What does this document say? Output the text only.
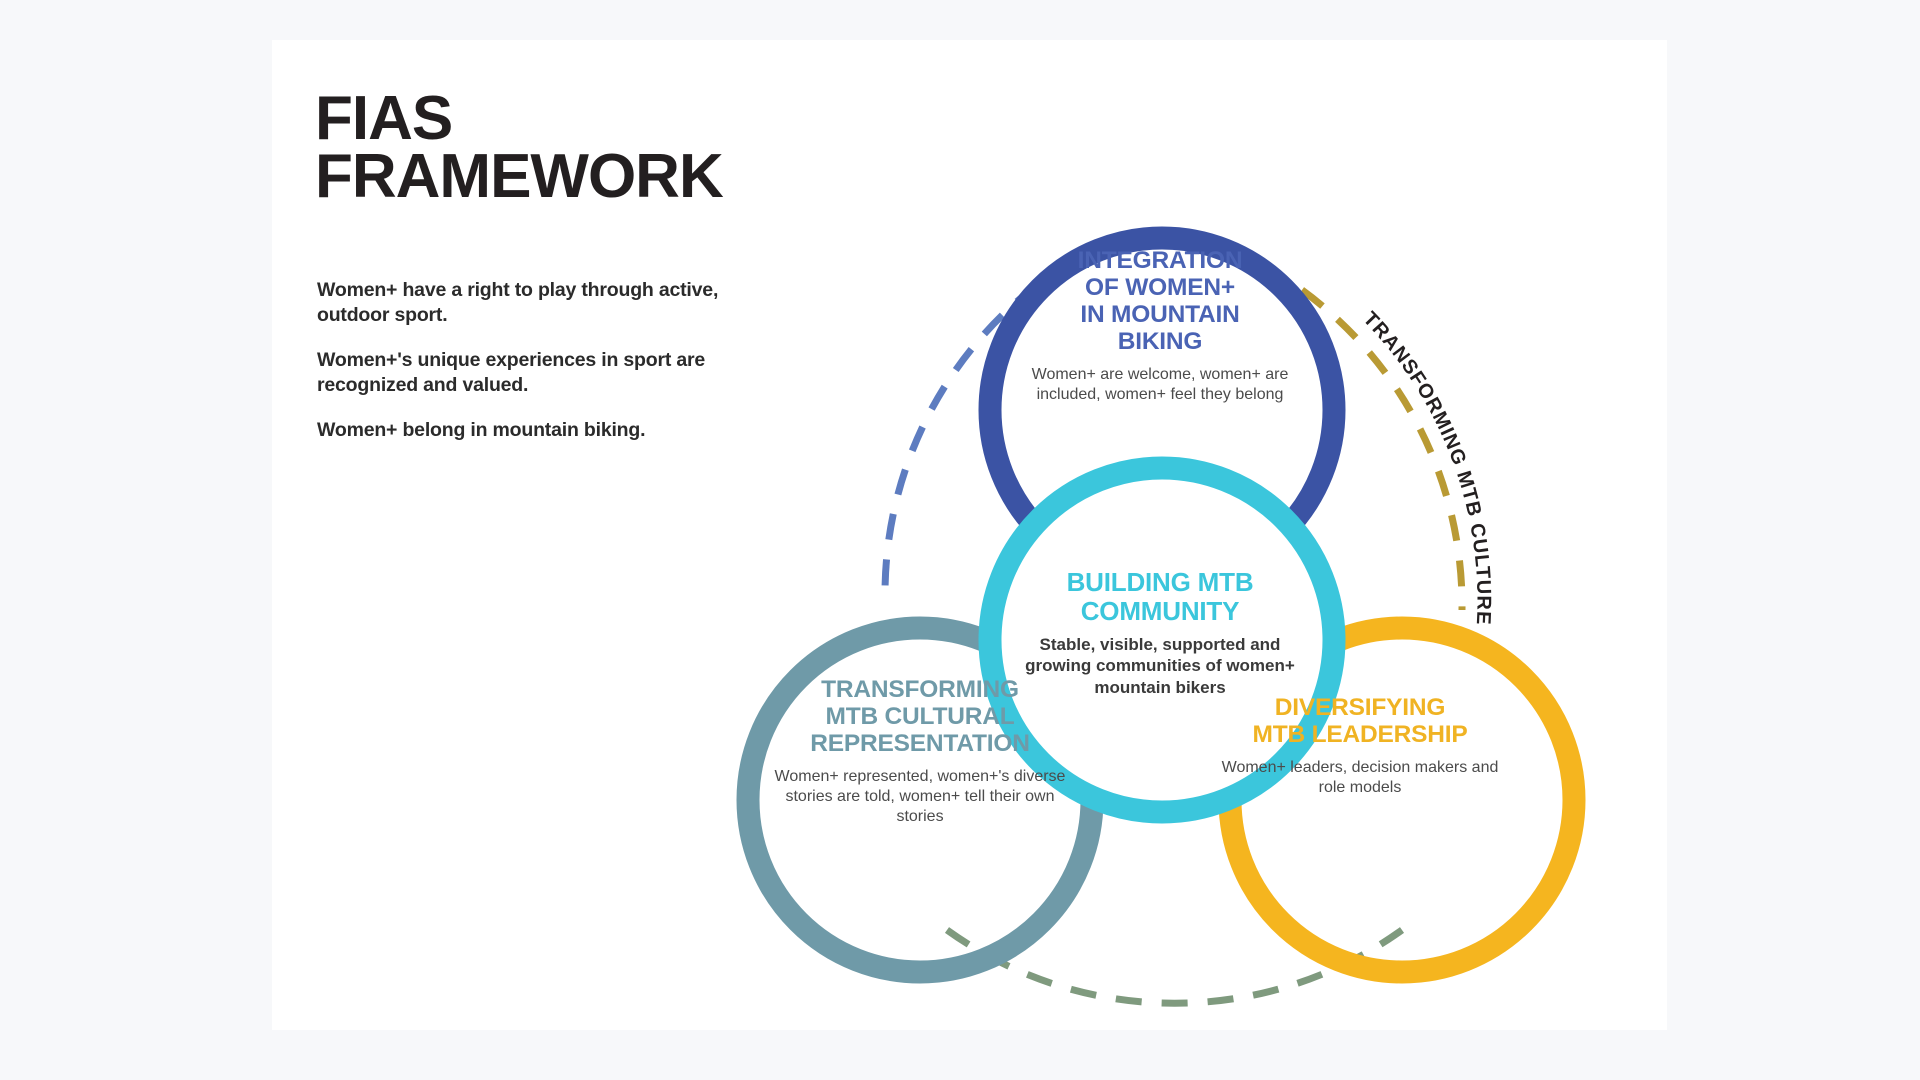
FIAS
FRAMEWORK

Women+ have a right to play through active, outdoor sport.

Women+'s unique experiences in sport are recognized and valued.

Women+ belong in mountain biking.

TRANSFORMING MTB CULTURE
INTEGRATION
OF WOMEN+
IN MOUNTAIN
BIKING
Women+ are welcome, women+ are included, women+ feel they belong
BUILDING MTB
COMMUNITY
Stable, visible, supported and growing communities of women+ mountain bikers
TRANSFORMING
MTB CULTURAL
REPRESENTATION
Women+ represented, women+'s diverse stories are told, women+ tell their own stories
DIVERSIFYING
MTB LEADERSHIP
Women+ leaders, decision makers and role models
